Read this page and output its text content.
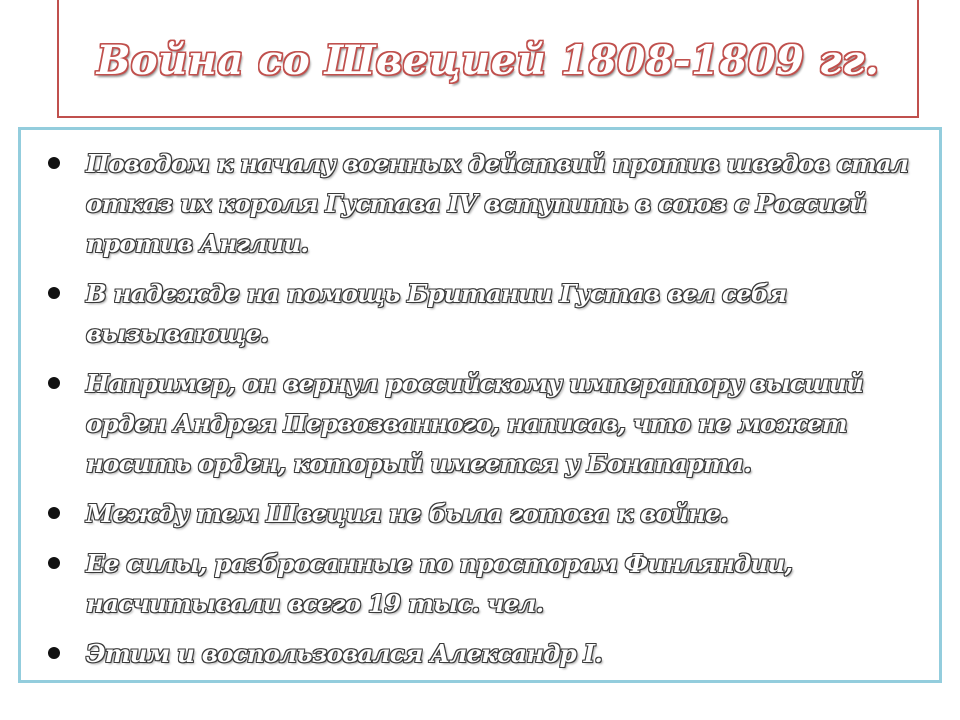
Война со Швецией 1808-1809 гг.
Поводом к началу военных действий против шведов стал отказ их короля Густава IV вступить в союз с Россией против Англии.
В надежде на помощь Британии Густав вел себя вызывающе.
Например, он вернул российскому императору высший орден Андрея Первозванного, написав, что не может носить орден, который имеется у Бонапарта.
Между тем Швеция не была готова к войне.
Ее силы, разбросанные по просторам Финляндии, насчитывали всего 19 тыс. чел.
Этим и воспользовался Александр I.
